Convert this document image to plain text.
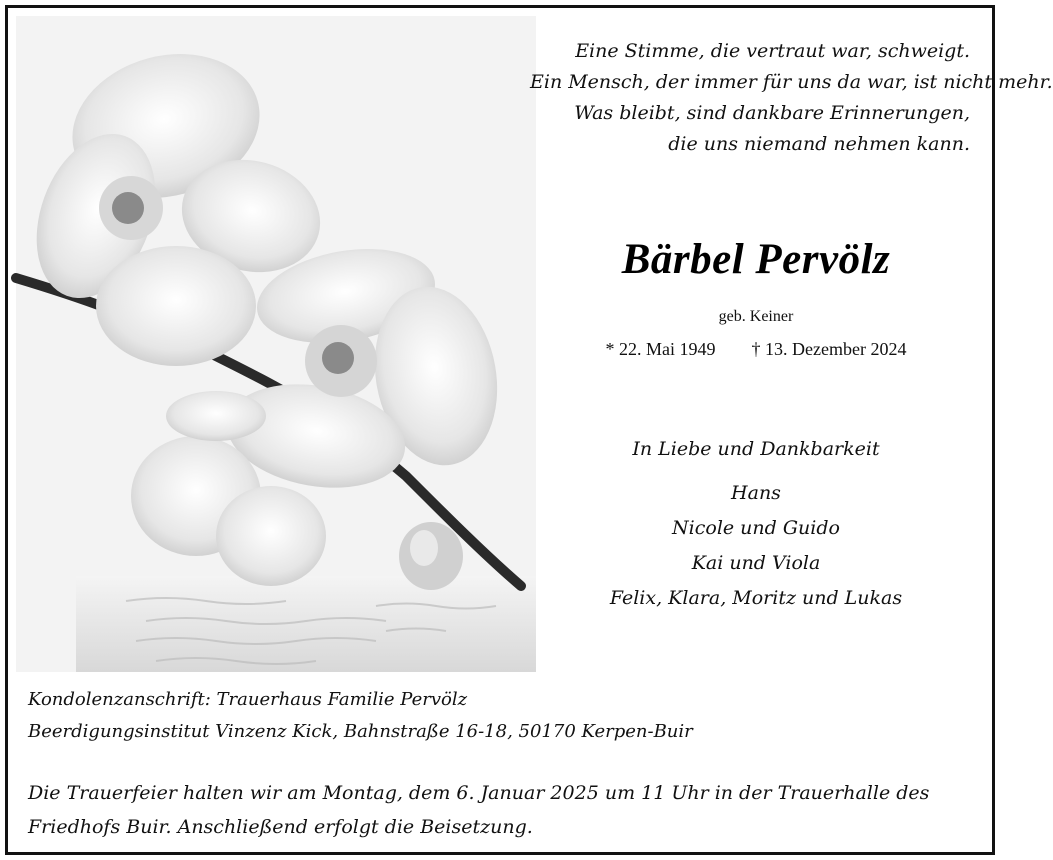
Eine Stimme, die vertraut war, schweigt.
Ein Mensch, der immer für uns da war, ist nicht mehr.
Was bleibt, sind dankbare Erinnerungen,
die uns niemand nehmen kann.
Bärbel Pervölz
geb. Keiner
* 22. Mai 1949 † 13. Dezember 2024
In Liebe und Dankbarkeit
Hans
Nicole und Guido
Kai und Viola
Felix, Klara, Moritz und Lukas
Kondolenzanschrift: Trauerhaus Familie Pervölz
Beerdigungsinstitut Vinzenz Kick, Bahnstraße 16-18, 50170 Kerpen-Buir
Die Trauerfeier halten wir am Montag, dem 6. Januar 2025 um 11 Uhr in der Trauerhalle des
Friedhofs Buir. Anschließend erfolgt die Beisetzung.
